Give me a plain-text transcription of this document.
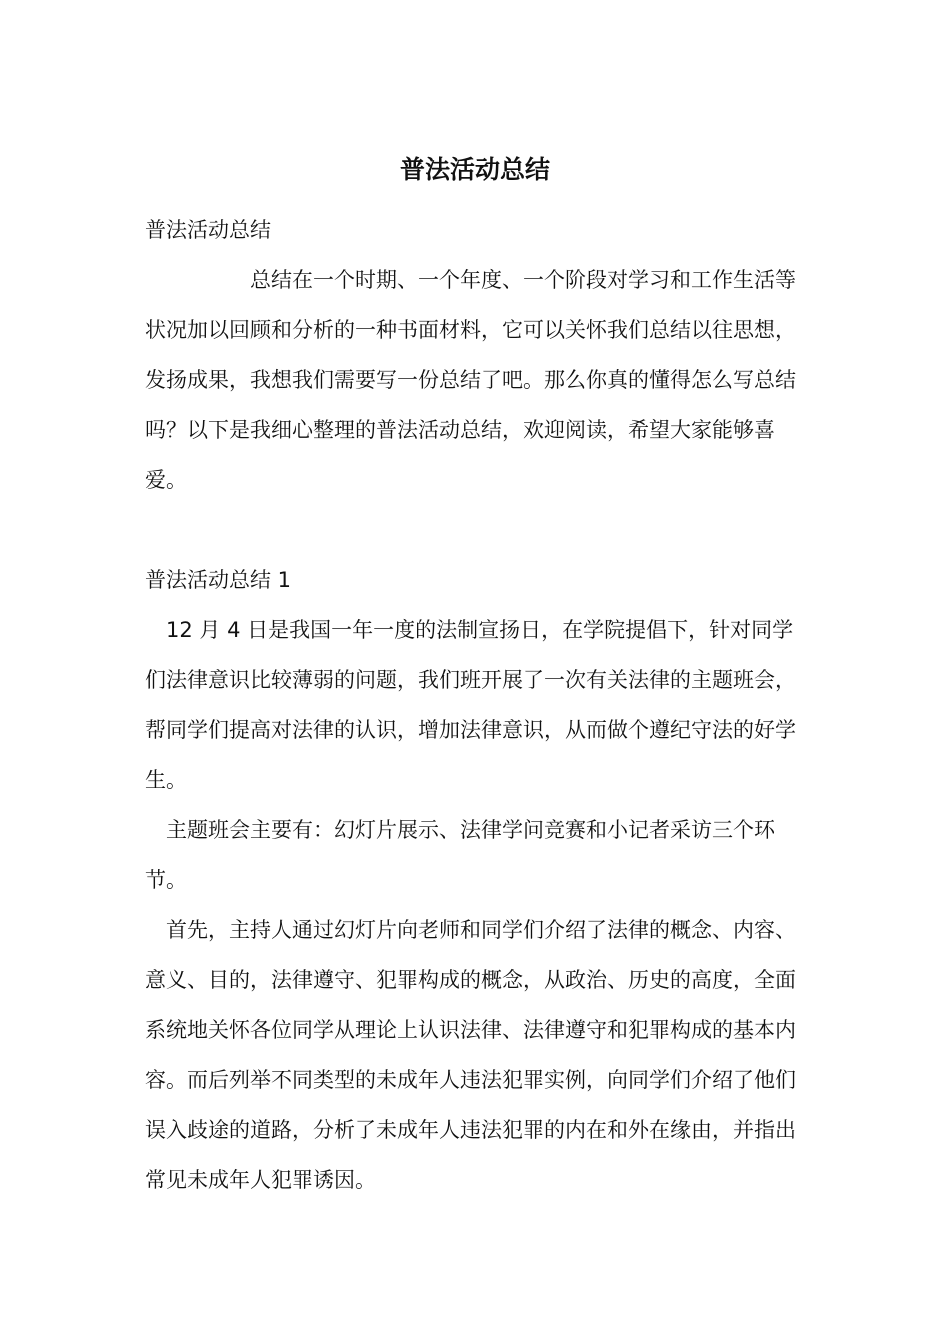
普法活动总结

普法活动总结

总结在一个时期、一个年度、一个阶段对学习和工作生活等状况加以回顾和分析的一种书面材料，它可以关怀我们总结以往思想，发扬成果，我想我们需要写一份总结了吧。那么你真的懂得怎么写总结吗？以下是我细心整理的普法活动总结，欢迎阅读，希望大家能够喜爱。

普法活动总结 1

12 月 4 日是我国一年一度的法制宣扬日，在学院提倡下，针对同学们法律意识比较薄弱的问题，我们班开展了一次有关法律的主题班会，帮同学们提高对法律的认识，增加法律意识，从而做个遵纪守法的好学生。

主题班会主要有：幻灯片展示、法律学问竞赛和小记者采访三个环节。

首先，主持人通过幻灯片向老师和同学们介绍了法律的概念、内容、意义、目的，法律遵守、犯罪构成的概念，从政治、历史的高度，全面系统地关怀各位同学从理论上认识法律、法律遵守和犯罪构成的基本内容。而后列举不同类型的未成年人违法犯罪实例，向同学们介绍了他们误入歧途的道路，分析了未成年人违法犯罪的内在和外在缘由，并指出常见未成年人犯罪诱因。
